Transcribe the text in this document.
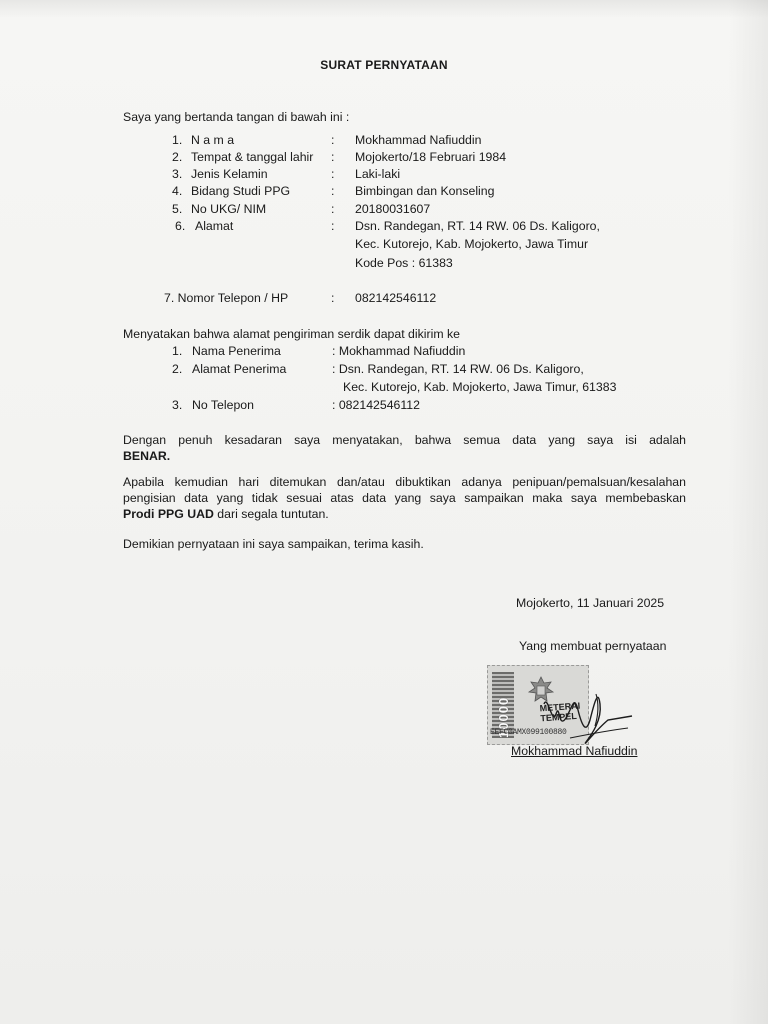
SURAT PERNYATAAN
Saya yang bertanda tangan di bawah ini :
1. N a m a	: Mokhammad Nafiuddin
2. Tempat & tanggal lahir : Mojokerto/18 Februari 1984
3. Jenis Kelamin	: Laki-laki
4. Bidang Studi PPG	: Bimbingan dan Konseling
5. No UKG/ NIM	: 20180031607
6. Alamat	: Dsn. Randegan, RT. 14 RW. 06 Ds. Kaligoro,
Kec. Kutorejo, Kab. Mojokerto, Jawa Timur
Kode Pos : 61383
7. Nomor Telepon / HP	: 082142546112
Menyatakan bahwa alamat pengiriman serdik dapat dikirim ke
1. Nama Penerima	: Mokhammad Nafiuddin
2. Alamat Penerima	: Dsn. Randegan, RT. 14 RW. 06 Ds. Kaligoro,
Kec. Kutorejo, Kab. Mojokerto, Jawa Timur, 61383
3. No Telepon	: 082142546112
Dengan penuh kesadaran saya menyatakan, bahwa semua data yang saya isi adalah
BENAR.
Apabila kemudian hari ditemukan dan/atau dibuktikan adanya penipuan/pemalsuan/kesalahan
pengisian data yang tidak sesuai atas data yang saya sampaikan maka saya membebaskan
Prodi PPG UAD dari segala tuntutan.
Demikian pernyataan ini saya sampaikan, terima kasih.
Mojokerto, 11 Januari 2025
Yang membuat pernyataan
10000	METERAI
TEMPEL
EEFC0AMX099100880
Mokhammad Nafiuddin
